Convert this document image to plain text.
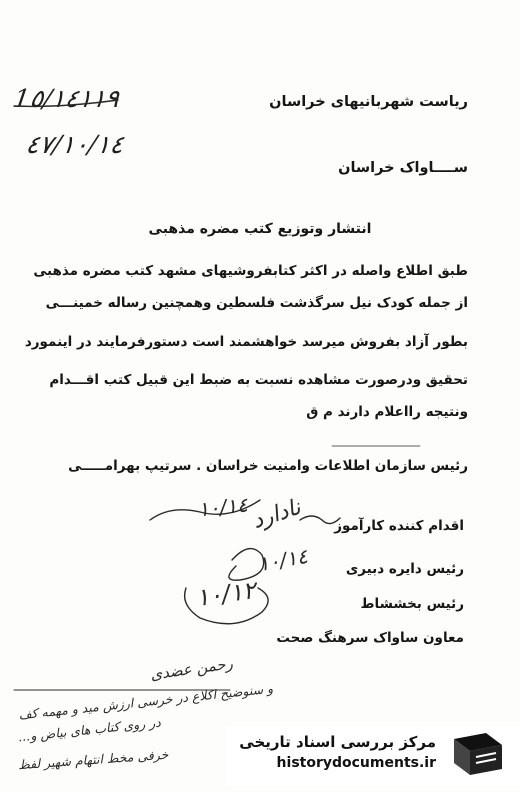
1٥/١٤١١٩
٤٧/١٠/١٤
ریاست شهربانیهای خراسان
ســــاواک خراسان
انتشار وتوزیع کتب مضره مذهبی
طبق اطلاع واصله در اکثر کتابفروشیهای مشهد کتب مضره مذهبی
از جمله کودک نیل سرگذشت فلسطین وهمچنین رساله خمینـــی
بطور آزاد بفروش میرسد خواهشمند است دستورفرمایند در اینمورد
تحقیق ودرصورت مشاهده نسبت به ضبط این قبیل کتب اقـــدام
ونتیجه رااعلام دارند م ق
رئیس سازمان اطلاعات وامنیت خراسان . سرتیپ بهرامـــــی
اقدام کننده کارآموز
رئیس دایره دبیری
رئیس بخششاط
معاون ساواک سرهنگ صحت
١٠/١٤ نادارد
١٠/١٤
١٠/١٢
رحمن عضدی
و سنوضیح اکلاع در خرسی ارزش مید و مهمه کف
در روی کتاب های بیاض و...
خرفی مخط انتهام شهیر لفظ
مرکز بررسی اسناد تاریخی
historydocuments.ir
